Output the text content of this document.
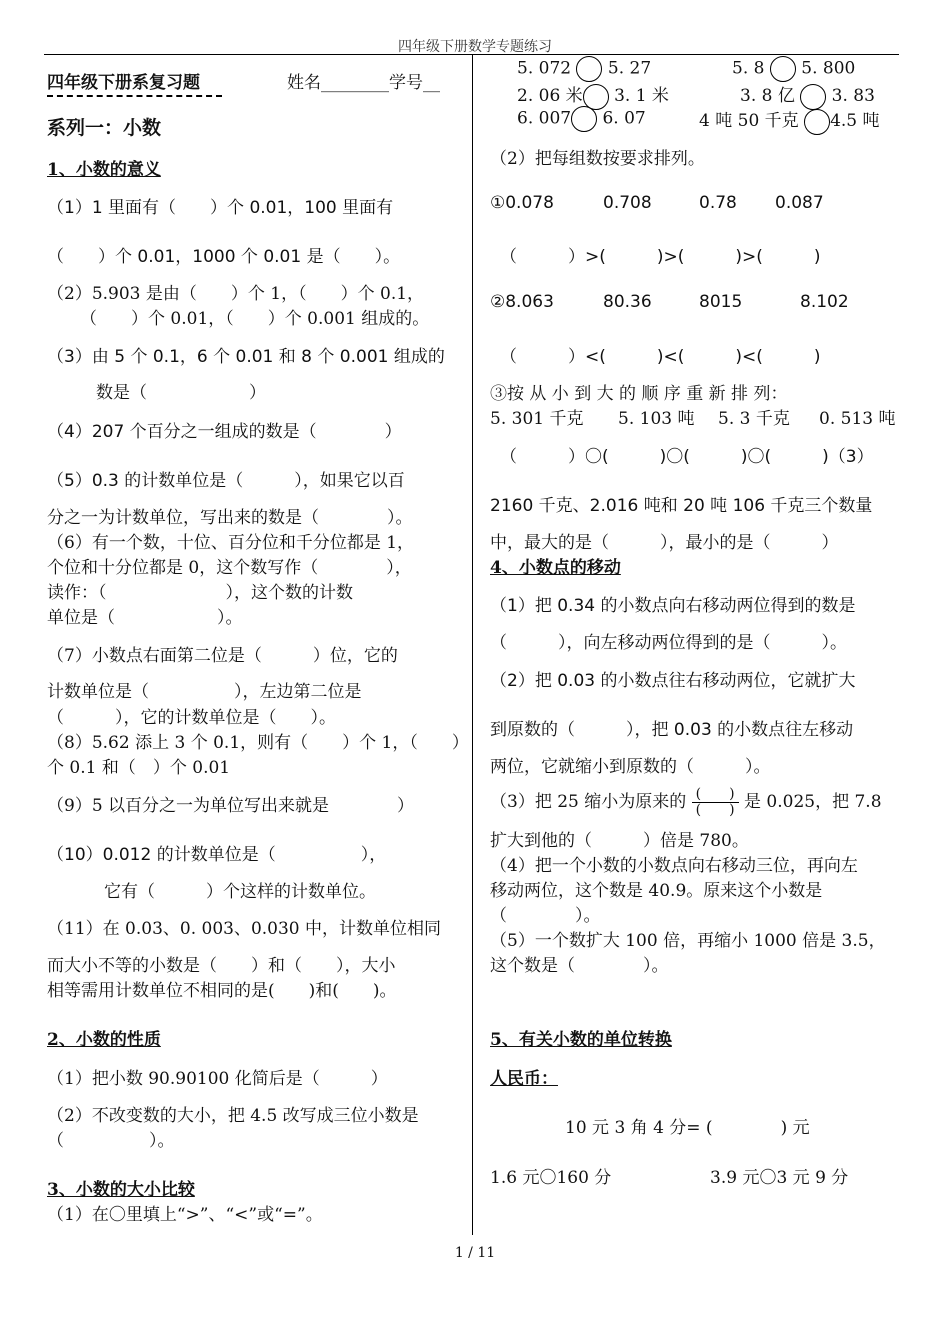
四年级下册数学专题练习
四年级下册系复习题	姓名________学号__
系列一：小数
1、小数的意义
（1）1 里面有（　　）个 0.01，100 里面有
（　　）个 0.01，1000 个 0.01 是（　　）。
（2）5.903 是由（　　）个 1，（　　）个 0.1，
（　　）个 0.01，（　　）个 0.001 组成的。
（3）由 5 个 0.1，6 个 0.01 和 8 个 0.001 组成的
数是（　　　　　　）
（4）207 个百分之一组成的数是（　　　　）
（5）0.3 的计数单位是（　　　），如果它以百
分之一为计数单位，写出来的数是（　　　　）。
（6）有一个数，十位、百分位和千分位都是 1，
个位和十分位都是 0，这个数写作（　　　　），
读作：（　　　　　　　），这个数的计数
单位是（　　　　　　）。
（7）小数点右面第二位是（　　　）位，它的
计数单位是（　　　　　），左边第二位是
（　　　），它的计数单位是（　　）。
（8）5.62 添上 3 个 0.1，则有（　　）个 1，（　　）
个 0.1 和（　）个 0.01
（9）5 以百分之一为单位写出来就是　　　　）
（10）0.012 的计数单位是（　　　　　），
它有（　　　）个这样的计数单位。
（11）在 0.03、0. 003、0.030 中，计数单位相同
而大小不等的小数是（　　）和（　　），大小
相等需用计数单位不相同的是(　　)和(　　)。
2、小数的性质
（1）把小数 90.90100 化简后是（　　　）
（2）不改变数的大小，把 4.5 改写成三位小数是
（　　　　　）。
3、小数的大小比较
（1）在〇里填上“>”、“<”或“=”。
5. 072 5. 27	5. 8 5. 800
2. 06 米 3. 1 米	3. 8 亿 3. 83
6. 007 6. 07	4 吨 50 千克 4.5 吨
（2）把每组数按要求排列。
①0.078	0.708	0.78 0.087
（　　　）>(　　　)>(　　　)>(　　　)
②8.063	80.36	8015	8.102
（　　　）<(　　　)<(　　　)<(　　　)
③按 从 小 到 大 的 顺 序 重 新 排 列：
5. 301 千克 5. 103 吨 5. 3 千克 0. 513 吨
（　　　）〇(　　　)〇(　　　)〇(　　　)（3）
2160 千克、2.016 吨和 20 吨 106 千克三个数量
中，最大的是（　　　），最小的是（　　　）
4、小数点的移动
（1）把 0.34 的小数点向右移动两位得到的数是
（　　　），向左移动两位得到的是（　　　）。
（2）把 0.03 的小数点往右移动两位，它就扩大
到原数的（　　　），把 0.03 的小数点往左移动
两位，它就缩小到原数的（　　　）。
（3）把 25 缩小为原来的 $\frac{( )}{( )}$ 是 0.025，把 7.8
扩大到他的（　　　）倍是 780。
（4）把一个小数的小数点向右移动三位，再向左
移动两位，这个数是 40.9。原来这个小数是
（　　　　）。
（5）一个数扩大 100 倍，再缩小 1000 倍是 3.5，
这个数是（　　　　）。
5、有关小数的单位转换
人民币：
10 元 3 角 4 分= (　　　　) 元
1.6 元〇160 分	3.9 元〇3 元 9 分
1 / 11
